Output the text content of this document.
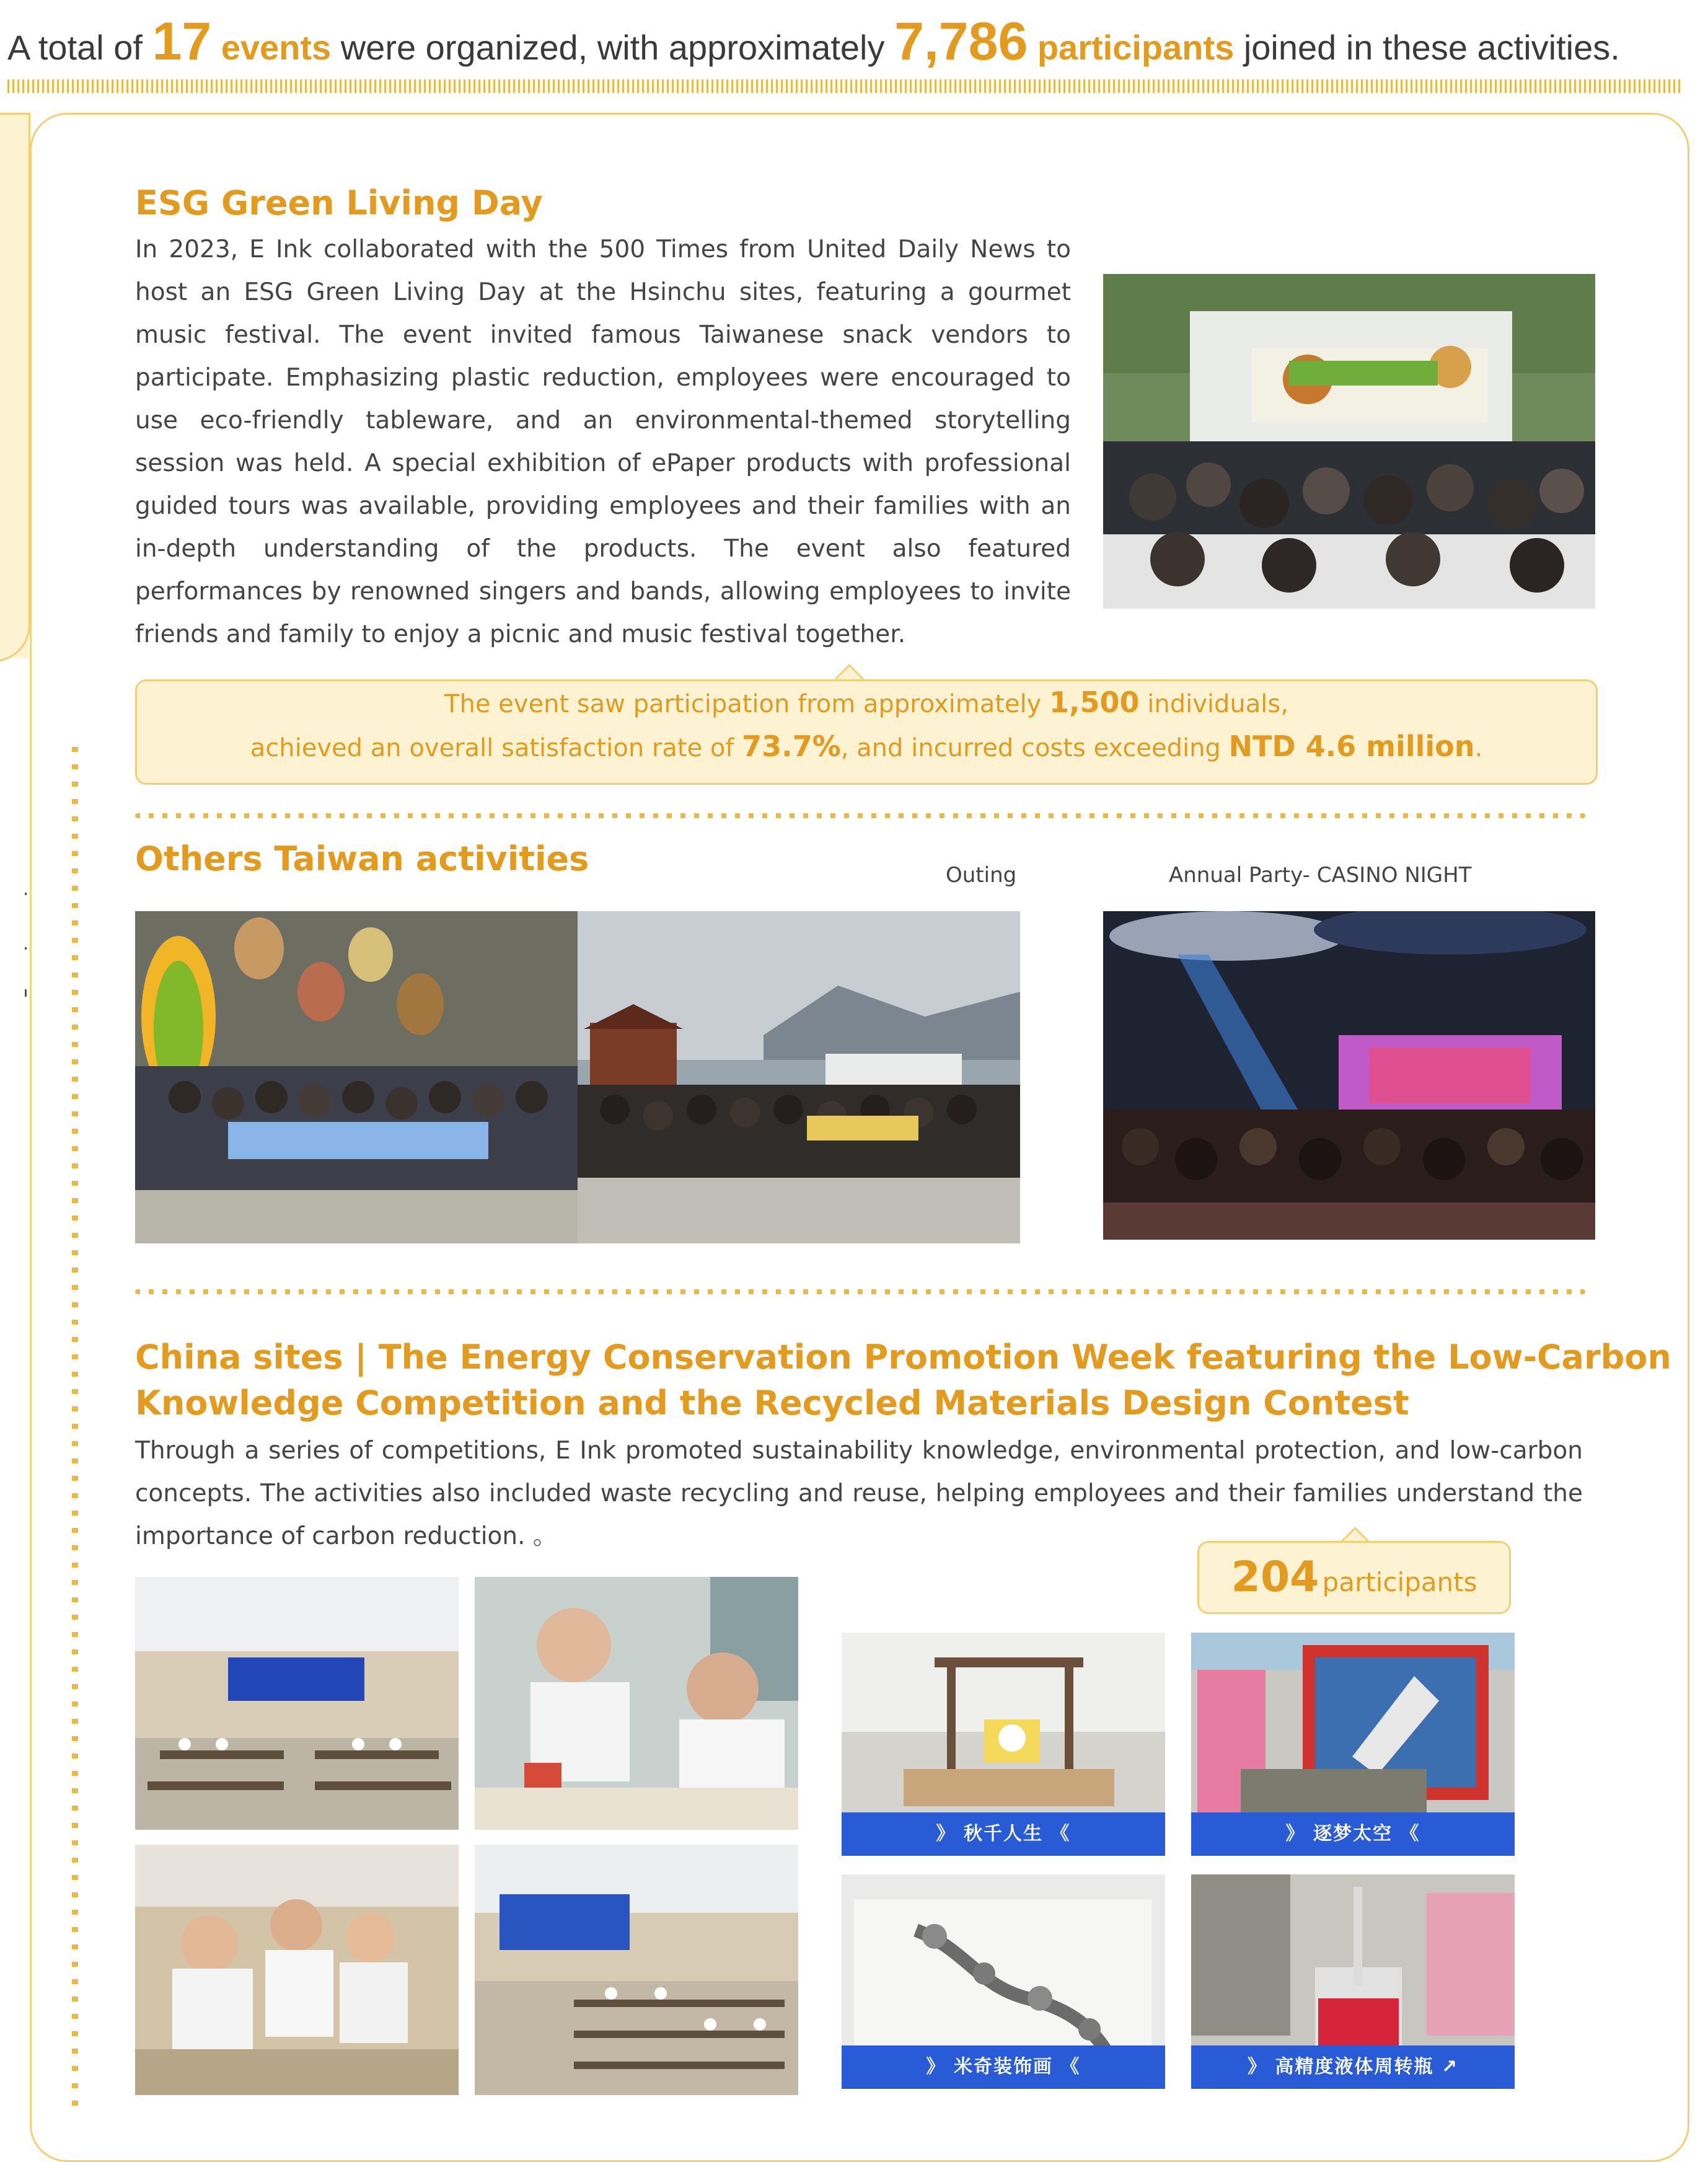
A total of 17 events were organized, with approximately 7,786 participants joined in these activities.
ESG Green Living Day
In 2023, E Ink collaborated with the 500 Times from United Daily News to host an ESG Green Living Day at the Hsinchu sites, featuring a gourmet music festival. The event invited famous Taiwanese snack vendors to participate. Emphasizing plastic reduction, employees were encouraged to use eco-friendly tableware, and an environmental-themed storytelling session was held. A special exhibition of ePaper products with professional guided tours was available, providing employees and their families with an in-depth understanding of the products. The event also featured performances by renowned singers and bands, allowing employees to invite friends and family to enjoy a picnic and music festival together.
The event saw participation from approximately 1,500 individuals,
achieved an overall satisfaction rate of 73.7%, and incurred costs exceeding NTD 4.6 million.
Others Taiwan activities	Outing	Annual Party- CASINO NIGHT
China sites | The Energy Conservation Promotion Week featuring the Low-Carbon
Knowledge Competition and the Recycled Materials Design Contest
Through a series of competitions, E Ink promoted sustainability knowledge, environmental protection, and low-carbon concepts. The activities also included waste recycling and reuse, helping employees and their families understand the importance of carbon reduction. 。
204 participants
》 秋千人生 《	》 逐梦太空 《
》 米奇装饰画 《	》 高精度液体周转瓶 ↗
